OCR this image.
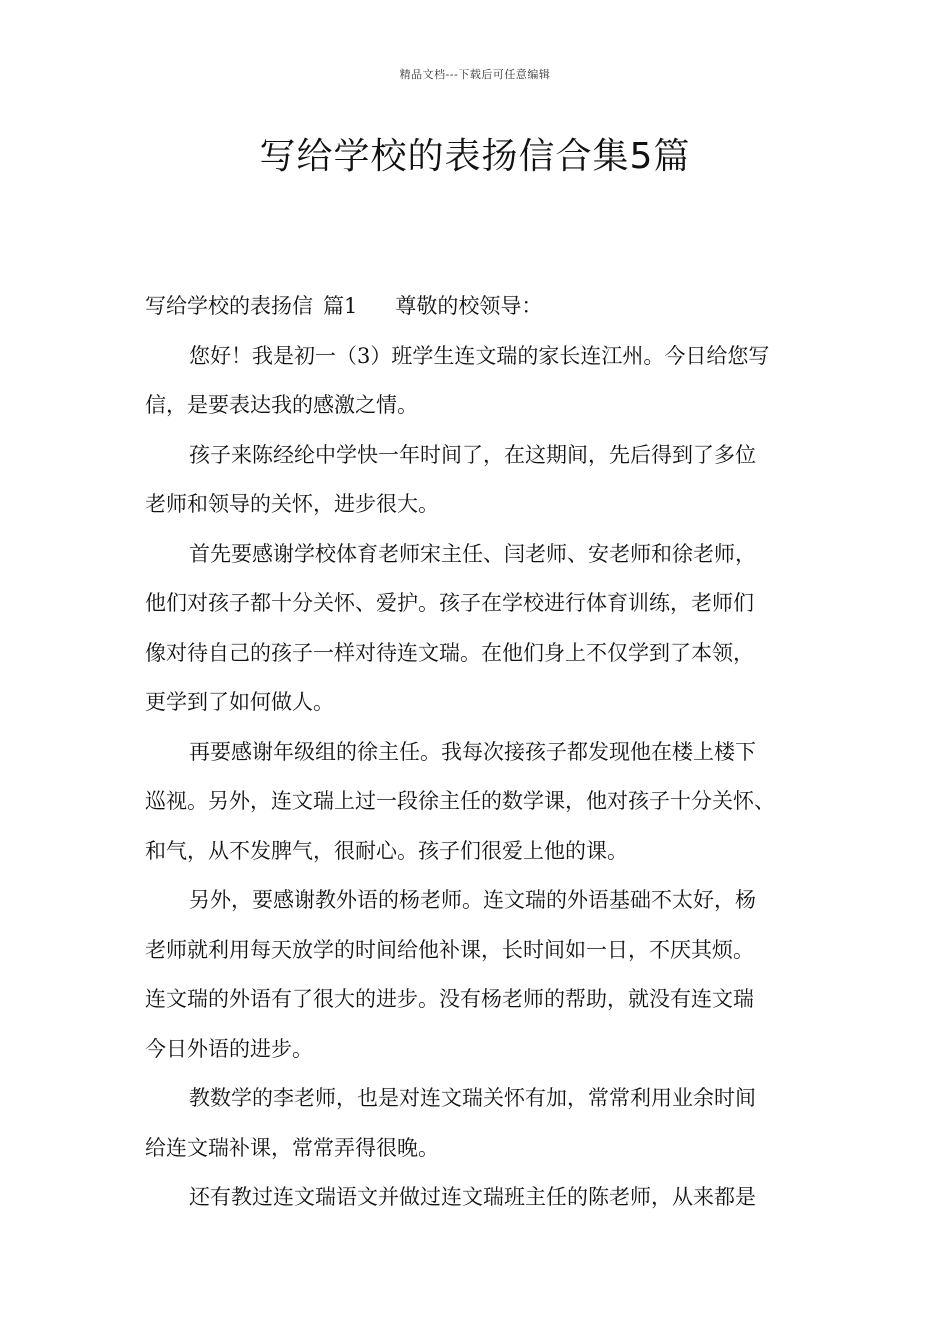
精品文档---下载后可任意编辑
写给学校的表扬信合集5篇
写给学校的表扬信 篇1 尊敬的校领导：
您好！我是初一（3）班学生连文瑞的家长连江州。今日给您写
信，是要表达我的感激之情。
孩子来陈经纶中学快一年时间了，在这期间，先后得到了多位
老师和领导的关怀，进步很大。
首先要感谢学校体育老师宋主任、闫老师、安老师和徐老师，
他们对孩子都十分关怀、爱护。孩子在学校进行体育训练，老师们
像对待自己的孩子一样对待连文瑞。在他们身上不仅学到了本领，
更学到了如何做人。
再要感谢年级组的徐主任。我每次接孩子都发现他在楼上楼下
巡视。另外，连文瑞上过一段徐主任的数学课，他对孩子十分关怀、
和气，从不发脾气，很耐心。孩子们很爱上他的课。
另外，要感谢教外语的杨老师。连文瑞的外语基础不太好，杨
老师就利用每天放学的时间给他补课，长时间如一日，不厌其烦。
连文瑞的外语有了很大的进步。没有杨老师的帮助，就没有连文瑞
今日外语的进步。
教数学的李老师，也是对连文瑞关怀有加，常常利用业余时间
给连文瑞补课，常常弄得很晚。
还有教过连文瑞语文并做过连文瑞班主任的陈老师，从来都是
